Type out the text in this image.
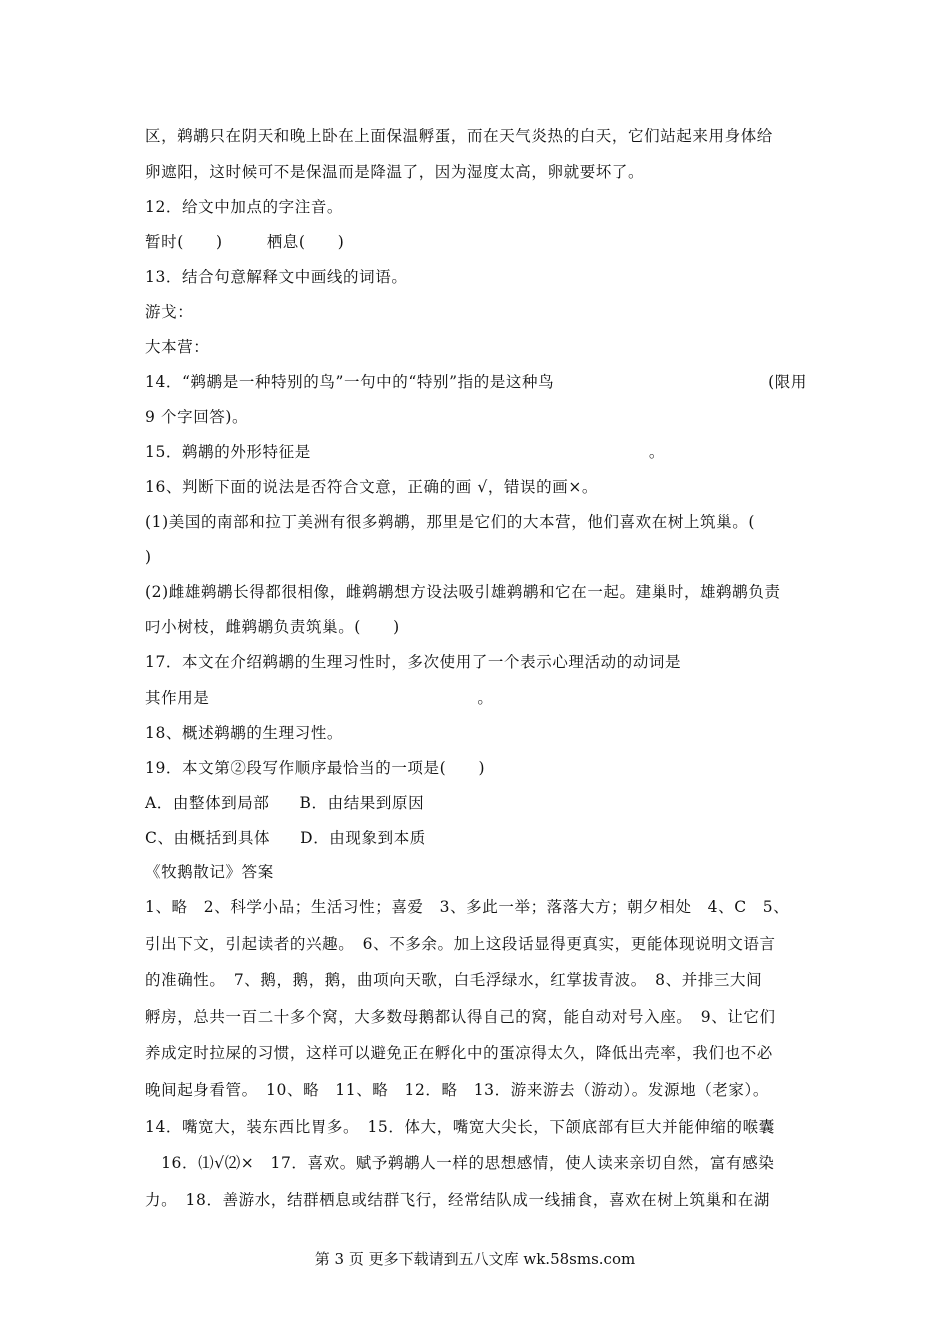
区，鹈鹕只在阴天和晚上卧在上面保温孵蛋，而在天气炎热的白天，它们站起来用身体给
卵遮阳，这时候可不是保温而是降温了，因为湿度太高，卵就要坏了。
12．给文中加点的字注音。
暂时(　　)	栖息(　　)
13．结合句意解释文中画线的词语。
游戈：
大本营：
14．“鹈鹕是一种特别的鸟”一句中的“特别”指的是这种鸟	(限用
9 个字回答)。
15．鹈鹕的外形特征是	。
16、判断下面的说法是否符合文意，正确的画 √，错误的画×。
(1)美国的南部和拉丁美洲有很多鹈鹕，那里是它们的大本营，他们喜欢在树上筑巢。(
)
(2)雌雄鹈鹕长得都很相像，雌鹈鹕想方设法吸引雄鹈鹕和它在一起。建巢时，雄鹈鹕负责
叼小树枝，雌鹈鹕负责筑巢。(　　)
17．本文在介绍鹈鹕的生理习性时，多次使用了一个表示心理活动的动词是
其作用是	。
18、概述鹈鹕的生理习性。
19．本文第②段写作顺序最恰当的一项是(　　)
A．由整体到局部 B．由结果到原因
C、由概括到具体 D．由现象到本质
《牧鹅散记》答案
1、略　2、科学小品；生活习性；喜爱　3、多此一举；落落大方；朝夕相处　4、C　5、
引出下文，引起读者的兴趣。　6、不多余。加上这段话显得更真实，更能体现说明文语言
的准确性。　7、鹅，鹅，鹅，曲项向天歌，白毛浮绿水，红掌拔青波。　8、并排三大间
孵房，总共一百二十多个窝，大多数母鹅都认得自己的窝，能自动对号入座。　9、让它们
养成定时拉屎的习惯，这样可以避免正在孵化中的蛋凉得太久，降低出壳率，我们也不必
晚间起身看管。　10、略　11、略　12．略　13．游来游去（游动）。发源地（老家）。
14．嘴宽大，装东西比胃多。　15．体大，嘴宽大尖长，下颌底部有巨大并能伸缩的喉囊
　16．⑴√⑵×　17．喜欢。赋予鹈鹕人一样的思想感情，使人读来亲切自然，富有感染
力。　18．善游水，结群栖息或结群飞行，经常结队成一线捕食，喜欢在树上筑巢和在湖
第 3 页 更多下载请到五八文库 wk.58sms.com
